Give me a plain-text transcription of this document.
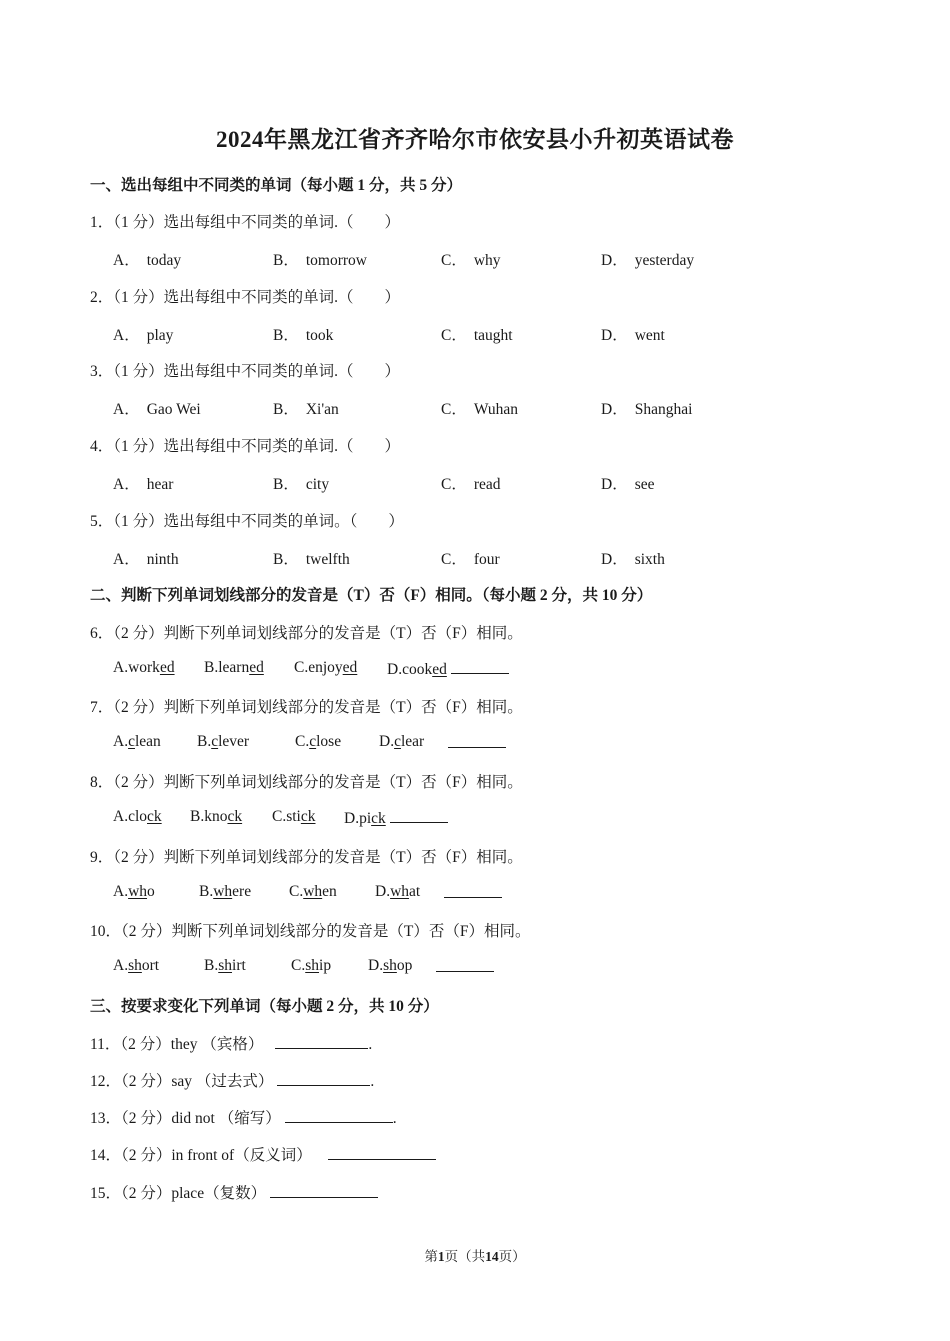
2024年黑龙江省齐齐哈尔市依安县小升初英语试卷
一、选出每组中不同类的单词（每小题 1 分，共 5 分）
1．（1 分）选出每组中不同类的单词.（　　）
A． today	B． tomorrow	C． why	D． yesterday
2．（1 分）选出每组中不同类的单词.（　　）
A． play	B． took	C． taught	D． went
3．（1 分）选出每组中不同类的单词.（　　）
A． Gao Wei	B． Xi'an	C． Wuhan	D． Shanghai
4．（1 分）选出每组中不同类的单词.（　　）
A． hear	B． city	C． read	D． see
5．（1 分）选出每组中不同类的单词。（　　）
A． ninth	B． twelfth	C． four	D． sixth
二、判断下列单词划线部分的发音是（T）否（F）相同。（每小题 2 分，共 10 分）
6．（2 分）判断下列单词划线部分的发音是（T）否（F）相同。
A.worked B.learned C.enjoyed D.cooked
7．（2 分）判断下列单词划线部分的发音是（T）否（F）相同。
A.clean B.clever	C.close D.clear
8．（2 分）判断下列单词划线部分的发音是（T）否（F）相同。
A.clock B.knock C.stick D.pick
9．（2 分）判断下列单词划线部分的发音是（T）否（F）相同。
A.who	B.where C.when D.what
10．（2 分）判断下列单词划线部分的发音是（T）否（F）相同。
A.short	B.shirt	C.ship D.shop
三、按要求变化下列单词（每小题 2 分，共 10 分）
11．（2 分）they （宾格）	.
12．（2 分）say （过去式）	.
13．（2 分）did not （缩写）	.
14．（2 分）in front of（反义词）
15．（2 分）place（复数）
第1页（共14页）
